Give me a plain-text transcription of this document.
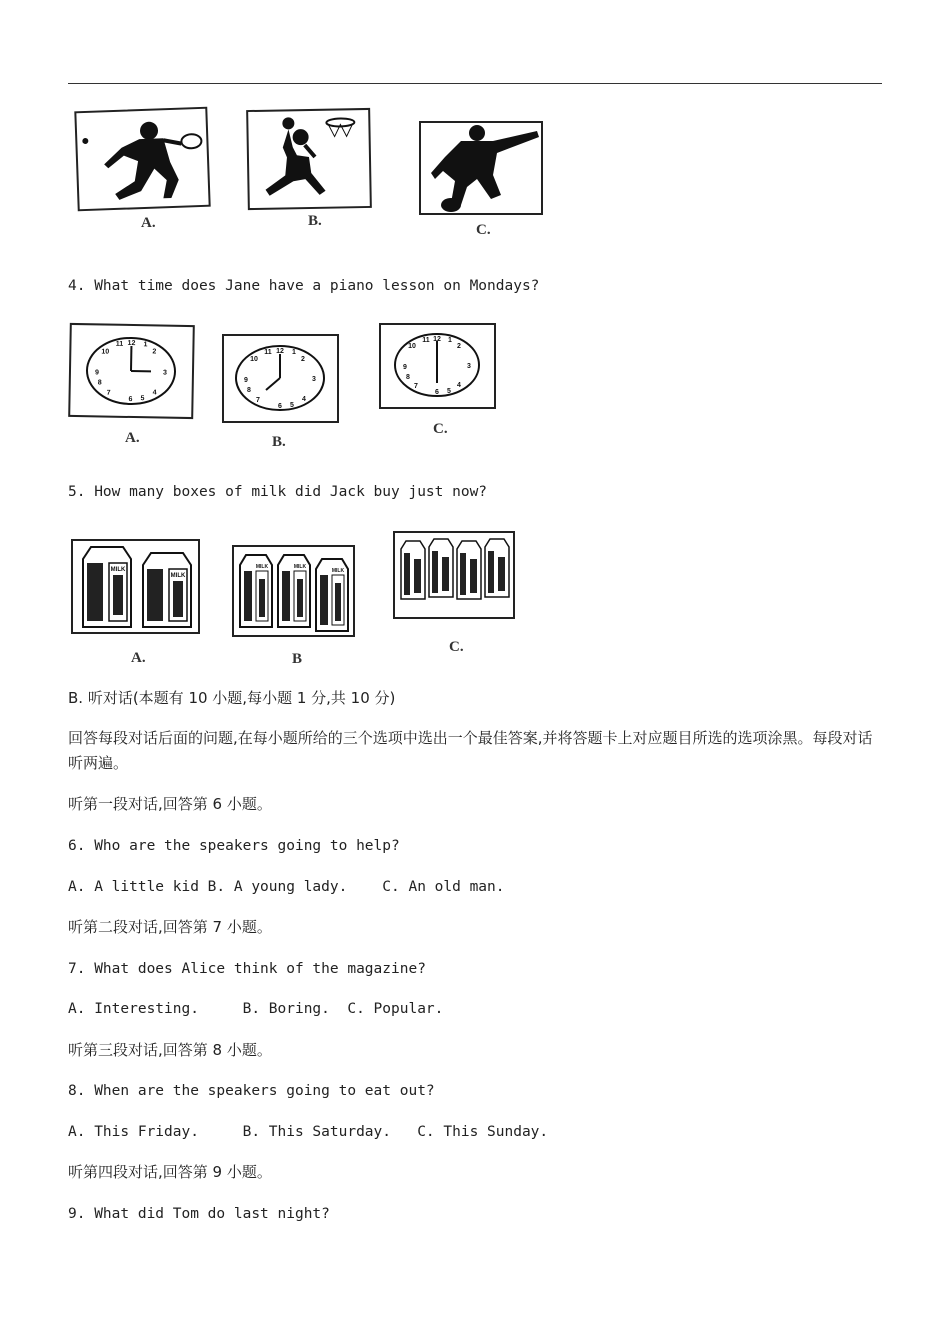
A.	B.
C.
4. What time does Jane have a piano lesson on Mondays?
12
2
3
4
6
7
9
10
11	1
5
8
A.
12
2
3
4
6
7
9
10
11	1
5
8
B.
12
2
3
4
6
7
9
10
11	1
5
8
C.
5. How many boxes of milk did Jack buy just now?
MILK
MILK
A.
MILK	MILK
MILK
B
C.
B. 听对话(本题有 10 小题,每小题 1 分,共 10 分)
回答每段对话后面的问题,在每小题所给的三个选项中选出一个最佳答案,并将答题卡上对应题目所选的选项涂黑。每段对话听两遍。
听第一段对话,回答第 6 小题。
6. Who are the speakers going to help?
A. A little kid B. A young lady.    C. An old man.
听第二段对话,回答第 7 小题。
7. What does Alice think of the magazine?
A. Interesting.     B. Boring.  C. Popular.
听第三段对话,回答第 8 小题。
8. When are the speakers going to eat out?
A. This Friday.     B. This Saturday.   C. This Sunday.
听第四段对话,回答第 9 小题。
9. What did Tom do last night?
